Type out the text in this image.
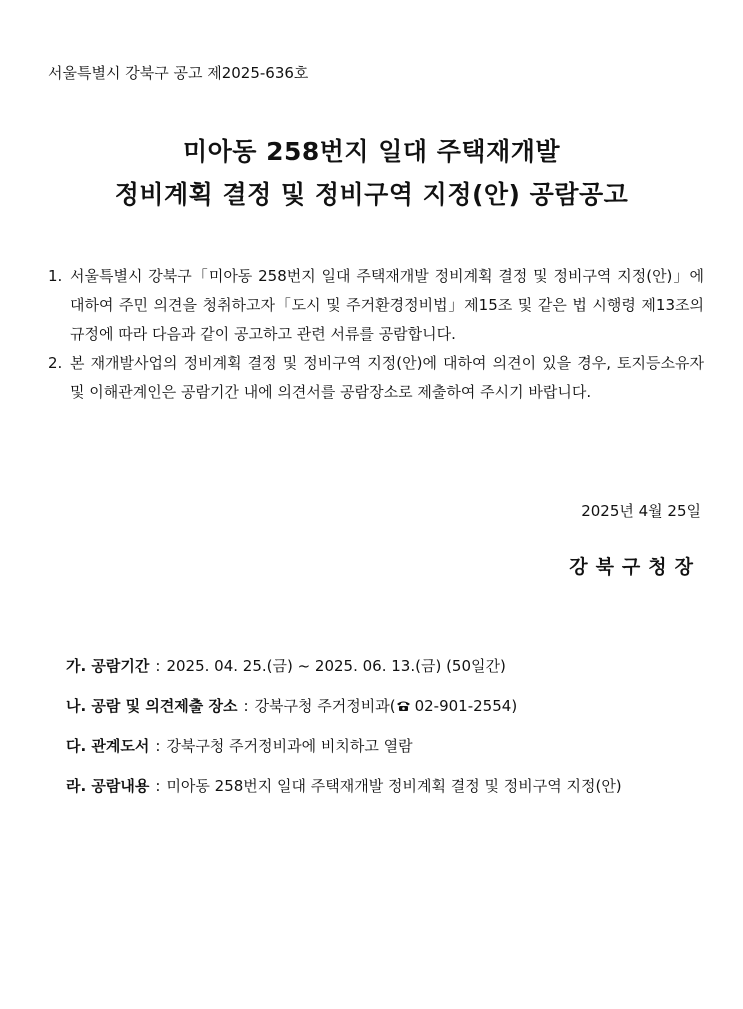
서울특별시 강북구 공고 제2025-636호
미아동 258번지 일대 주택재개발
정비계획 결정 및 정비구역 지정(안) 공람공고
1. 서울특별시 강북구「미아동 258번지 일대 주택재개발 정비계획 결정 및 정비구역 지정(안)」에 대하여 주민 의견을 청취하고자「도시 및 주거환경정비법」제15조 및 같은 법 시행령 제13조의 규정에 따라 다음과 같이 공고하고 관련 서류를 공람합니다.
2. 본 재개발사업의 정비계획 결정 및 정비구역 지정(안)에 대하여 의견이 있을 경우, 토지등소유자 및 이해관계인은 공람기간 내에 의견서를 공람장소로 제출하여 주시기 바랍니다.
2025년 4월 25일
강북구청장
가. 공람기간 : 2025. 04. 25.(금) ~ 2025. 06. 13.(금) (50일간)
나. 공람 및 의견제출 장소 : 강북구청 주거정비과( 02-901-2554)
다. 관계도서 : 강북구청 주거정비과에 비치하고 열람
라. 공람내용 : 미아동 258번지 일대 주택재개발 정비계획 결정 및 정비구역 지정(안)
